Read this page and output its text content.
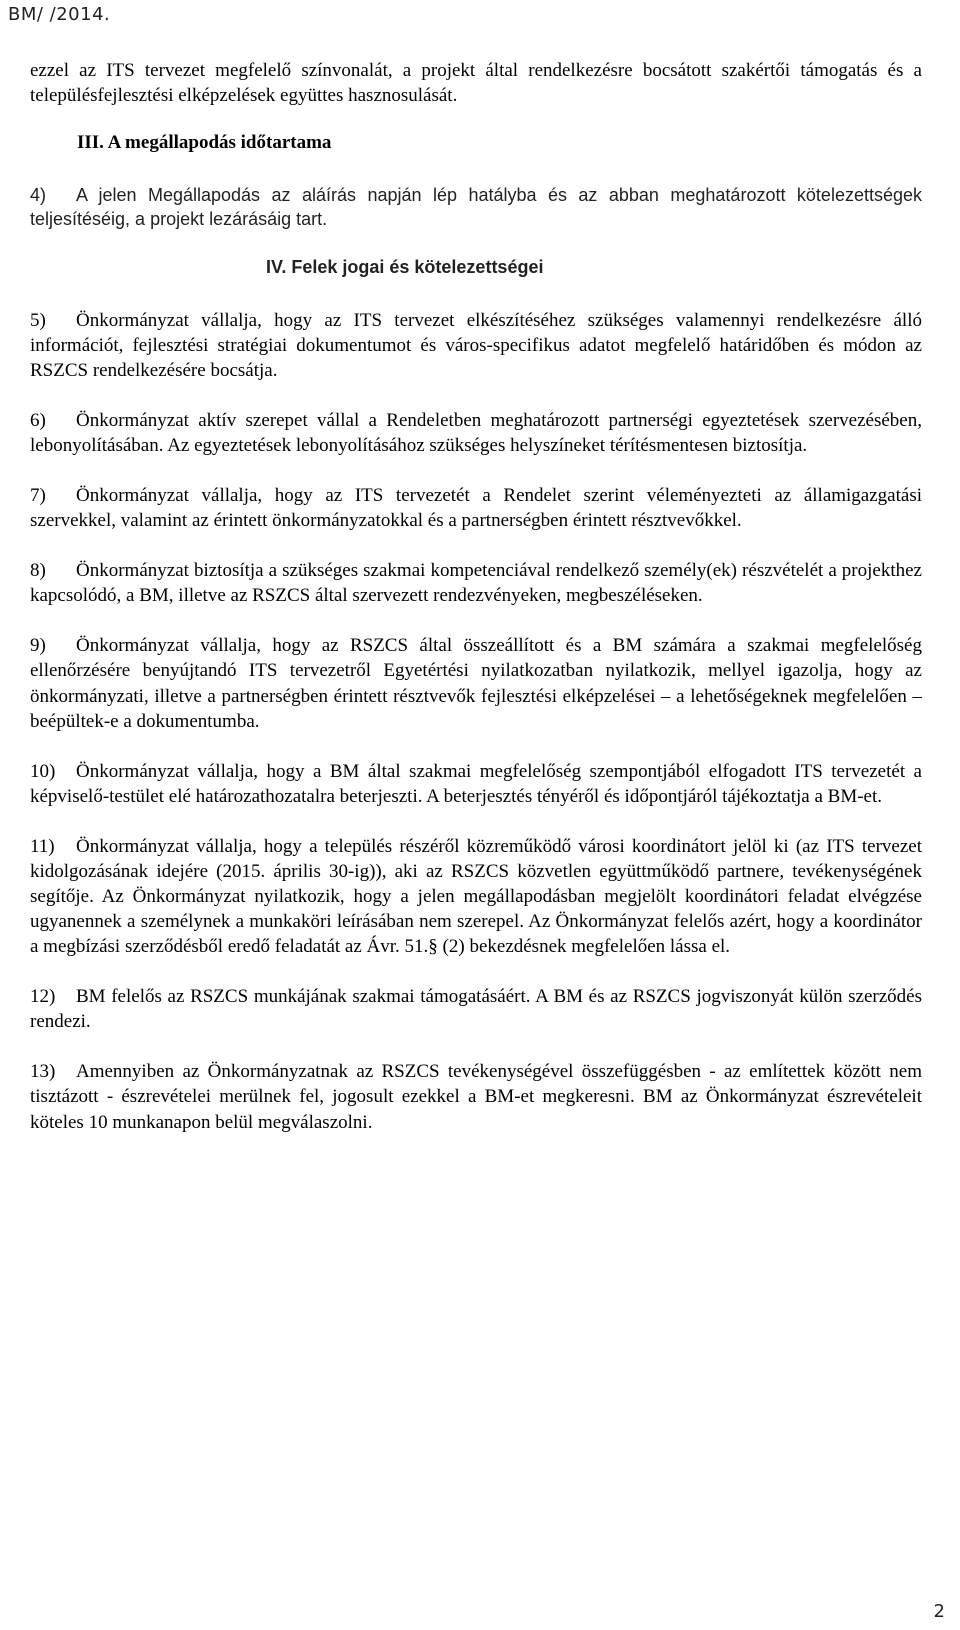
BM/ /2014.

ezzel az ITS tervezet megfelelő színvonalát, a projekt által rendelkezésre bocsátott szakértői támogatás és a településfejlesztési elképzelések együttes hasznosulását.

III. A megállapodás időtartama

4) A jelen Megállapodás az aláírás napján lép hatályba és az abban meghatározott kötelezettségek teljesítéséig, a projekt lezárásáig tart.

IV. Felek jogai és kötelezettségei

5) Önkormányzat vállalja, hogy az ITS tervezet elkészítéséhez szükséges valamennyi rendelkezésre álló információt, fejlesztési stratégiai dokumentumot és város-specifikus adatot megfelelő határidőben és módon az RSZCS rendelkezésére bocsátja.

6) Önkormányzat aktív szerepet vállal a Rendeletben meghatározott partnerségi egyeztetések szervezésében, lebonyolításában. Az egyeztetések lebonyolításához szükséges helyszíneket térítésmentesen biztosítja.

7) Önkormányzat vállalja, hogy az ITS tervezetét a Rendelet szerint véleményezteti az államigazgatási szervekkel, valamint az érintett önkormányzatokkal és a partnerségben érintett résztvevőkkel.

8) Önkormányzat biztosítja a szükséges szakmai kompetenciával rendelkező személy(ek) részvételét a projekthez kapcsolódó, a BM, illetve az RSZCS által szervezett rendezvényeken, megbeszéléseken.

9) Önkormányzat vállalja, hogy az RSZCS által összeállított és a BM számára a szakmai megfelelőség ellenőrzésére benyújtandó ITS tervezetről Egyetértési nyilatkozatban nyilatkozik, mellyel igazolja, hogy az önkormányzati, illetve a partnerségben érintett résztvevők fejlesztési elképzelései – a lehetőségeknek megfelelően – beépültek-e a dokumentumba.

10) Önkormányzat vállalja, hogy a BM által szakmai megfelelőség szempontjából elfogadott ITS tervezetét a képviselő-testület elé határozathozatalra beterjeszti. A beterjesztés tényéről és időpontjáról tájékoztatja a BM-et.

11) Önkormányzat vállalja, hogy a település részéről közreműködő városi koordinátort jelöl ki (az ITS tervezet kidolgozásának idejére (2015. április 30-ig)), aki az RSZCS közvetlen együttműködő partnere, tevékenységének segítője. Az Önkormányzat nyilatkozik, hogy a jelen megállapodásban megjelölt koordinátori feladat elvégzése ugyanennek a személynek a munkaköri leírásában nem szerepel. Az Önkormányzat felelős azért, hogy a koordinátor a megbízási szerződésből eredő feladatát az Ávr. 51.§ (2) bekezdésnek megfelelően lássa el.

12) BM felelős az RSZCS munkájának szakmai támogatásáért. A BM és az RSZCS jogviszonyát külön szerződés rendezi.

13) Amennyiben az Önkormányzatnak az RSZCS tevékenységével összefüggésben - az említettek között nem tisztázott - észrevételei merülnek fel, jogosult ezekkel a BM-et megkeresni. BM az Önkormányzat észrevételeit köteles 10 munkanapon belül megválaszolni.

2
